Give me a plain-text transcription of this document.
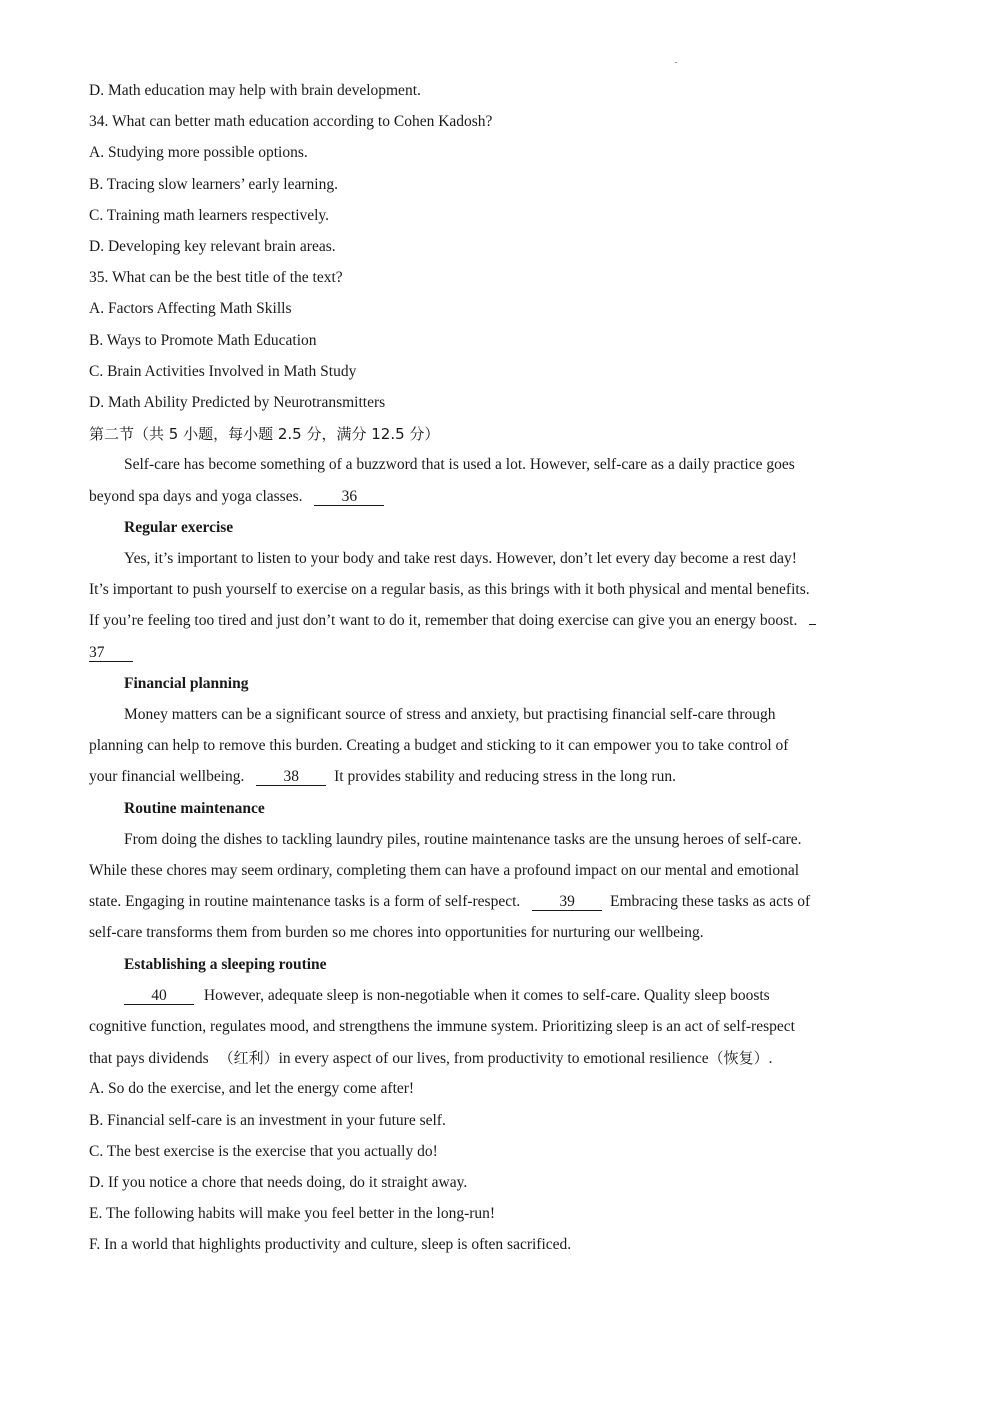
D. Math education may help with brain development.
34. What can better math education according to Cohen Kadosh?
A. Studying more possible options.
B. Tracing slow learners’ early learning.
C. Training math learners respectively.
D. Developing key relevant brain areas.
35. What can be the best title of the text?
A. Factors Affecting Math Skills
B. Ways to Promote Math Education
C. Brain Activities Involved in Math Study
D. Math Ability Predicted by Neurotransmitters
第二节（共 5 小题，每小题 2.5 分，满分 12.5 分）
Self-care has become something of a buzzword that is used a lot. However, self-care as a daily practice goes
beyond spa days and yoga classes.	36
Regular exercise
Yes, it’s important to listen to your body and take rest days. However, don’t let every day become a rest day!
It’s important to push yourself to exercise on a regular basis, as this brings with it both physical and mental benefits.
If you’re feeling too tired and just don’t want to do it, remember that doing exercise can give you an energy boost.
37
Financial planning
Money matters can be a significant source of stress and anxiety, but practising financial self-care through
planning can help to remove this burden. Creating a budget and sticking to it can empower you to take control of
your financial wellbeing.	38 It provides stability and reducing stress in the long run.
Routine maintenance
From doing the dishes to tackling laundry piles, routine maintenance tasks are the unsung heroes of self-care.
While these chores may seem ordinary, completing them can have a profound impact on our mental and emotional
state. Engaging in routine maintenance tasks is a form of self-respect.	39 Embracing these tasks as acts of
self-care transforms them from burden so me chores into opportunities for nurturing our wellbeing.
Establishing a sleeping routine
40 However, adequate sleep is non-negotiable when it comes to self-care. Quality sleep boosts
cognitive function, regulates mood, and strengthens the immune system. Prioritizing sleep is an act of self-respect
that pays dividends （红利）in every aspect of our lives, from productivity to emotional resilience（恢复）.
A. So do the exercise, and let the energy come after!
B. Financial self-care is an investment in your future self.
C. The best exercise is the exercise that you actually do!
D. If you notice a chore that needs doing, do it straight away.
E. The following habits will make you feel better in the long-run!
F. In a world that highlights productivity and culture, sleep is often sacrificed.
